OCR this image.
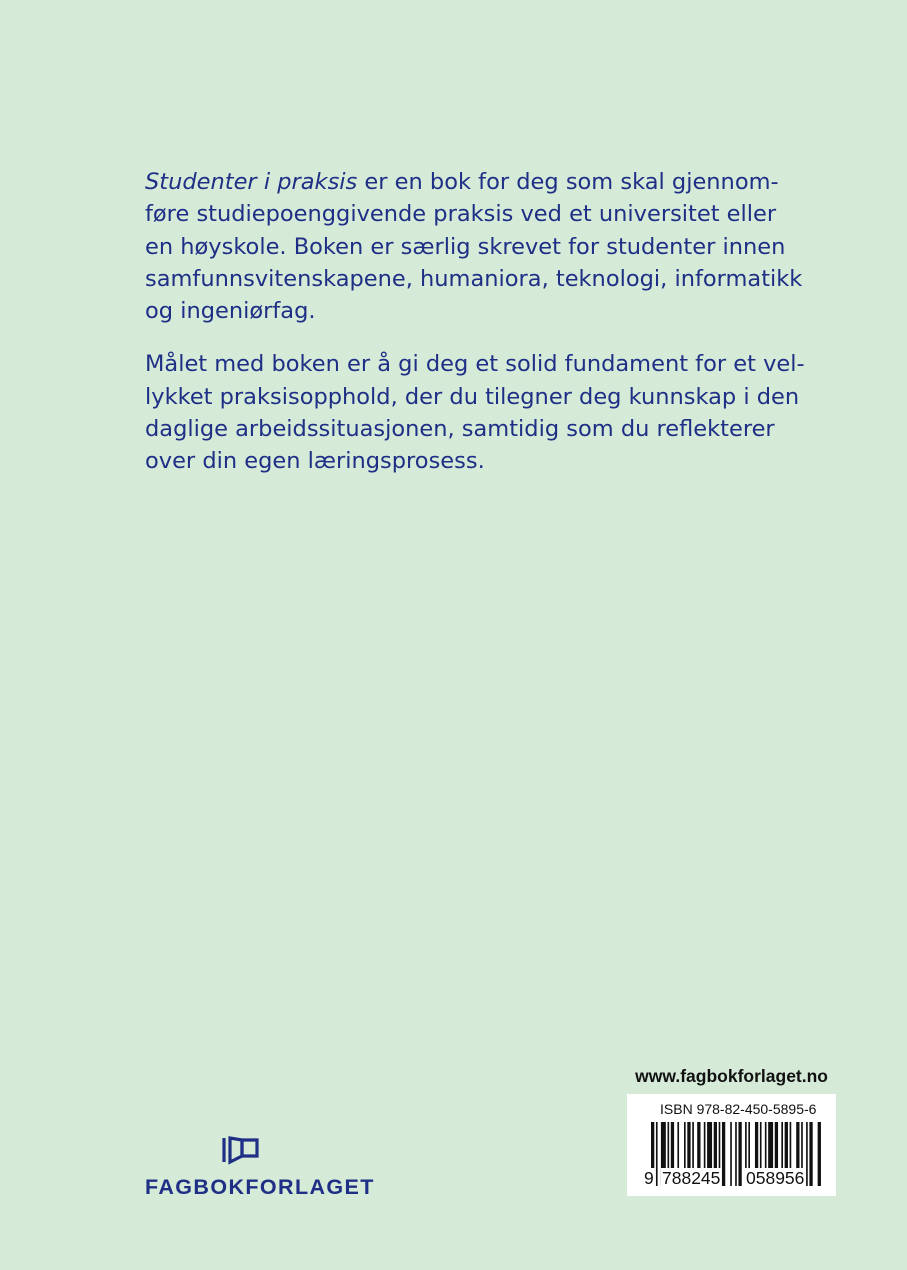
Studenter i praksis er en bok for deg som skal gjennom-
føre studiepoenggivende praksis ved et universitet eller
en høyskole. Boken er særlig skrevet for studenter innen
samfunnsvitenskapene, humaniora, teknologi, informatikk
og ingeniørfag.

Målet med boken er å gi deg et solid fundament for et vel-
lykket praksisopphold, der du tilegner deg kunnskap i den
daglige arbeidssituasjonen, samtidig som du reflekterer
over din egen læringsprosess.

FAGBOKFORLAGET
www.fagbokforlaget.no
ISBN 978-82-450-5895-6
9 788245 058956
